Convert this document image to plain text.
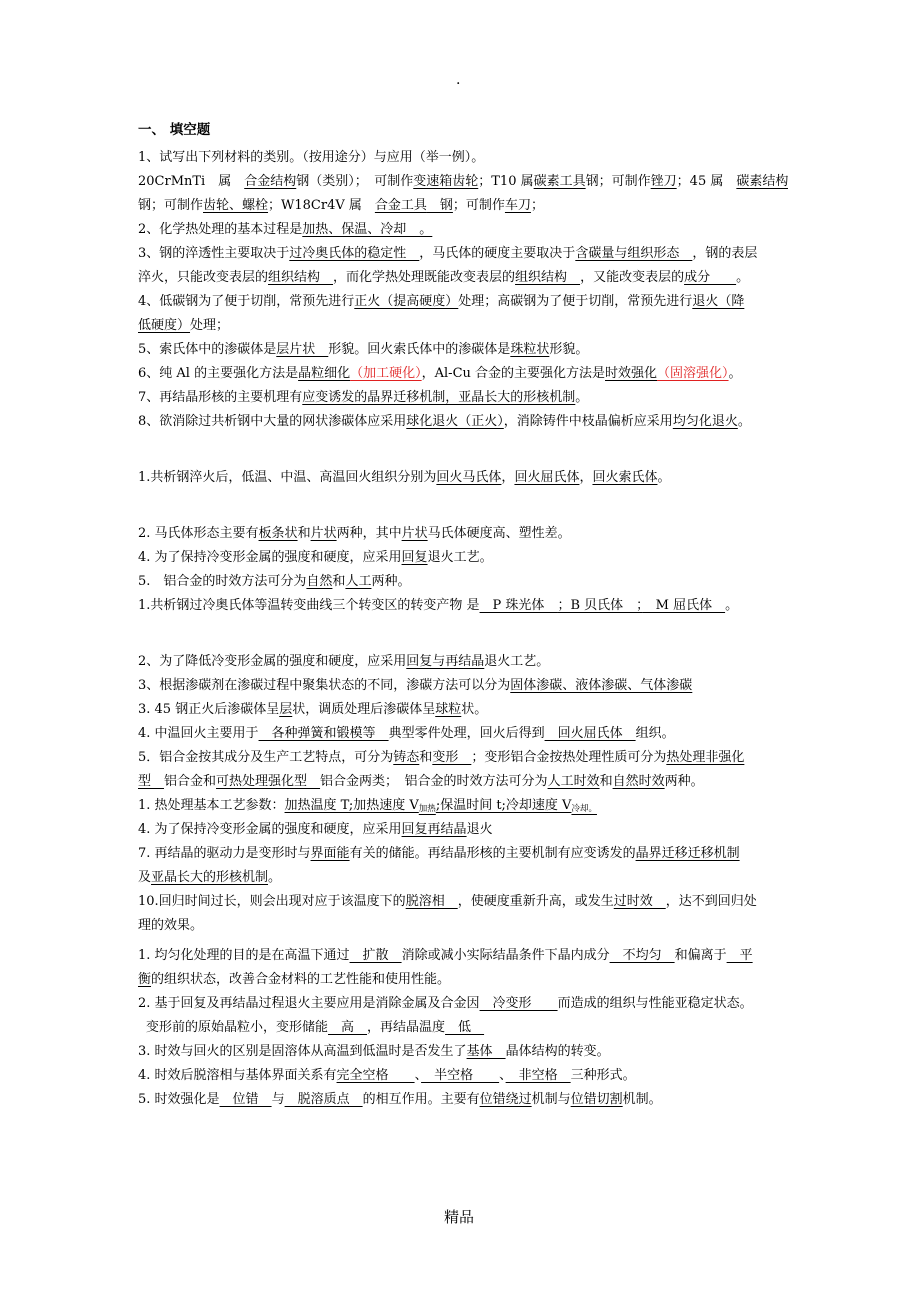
.
一、 填空题
1、试写出下列材料的类别。（按用途分）与应用（举一例）。
20CrMnTi　属　合金结构钢（类别）；　可制作变速箱齿轮；T10 属碳素工具钢；可制作锉刀；45 属　碳素结构
钢；可制作齿轮、螺栓；W18Cr4V 属　合金工具　钢；可制作车刀；
2、化学热处理的基本过程是加热、保温、冷却　。
3、钢的淬透性主要取决于过冷奥氏体的稳定性　，马氏体的硬度主要取决于含碳量与组织形态　，钢的表层
淬火，只能改变表层的组织结构　，而化学热处理既能改变表层的组织结构　，又能改变表层的成分　　。
4、低碳钢为了便于切削，常预先进行正火（提高硬度）处理；高碳钢为了便于切削，常预先进行退火（降
低硬度）处理；
5、索氏体中的渗碳体是层片状　形貌。回火索氏体中的渗碳体是珠粒状形貌。
6、纯 Al 的主要强化方法是晶粒细化（加工硬化），Al-Cu 合金的主要强化方法是时效强化（固溶强化）。
7、再结晶形核的主要机理有应变诱发的晶界迁移机制，亚晶长大的形核机制。
8、欲消除过共析钢中大量的网状渗碳体应采用球化退火（正火），消除铸件中枝晶偏析应采用均匀化退火。
1.共析钢淬火后，低温、中温、高温回火组织分别为回火马氏体，回火屈氏体，回火索氏体。
2. 马氏体形态主要有板条状和片状两种，其中片状马氏体硬度高、塑性差。
4. 为了保持冷变形金属的强度和硬度，应采用回复退火工艺。
5.　铝合金的时效方法可分为自然和人工两种。
1.共析钢过冷奥氏体等温转变曲线三个转变区的转变产物 是　P 珠光体　；B 贝氏体　；　M 屈氏体　。
2、为了降低冷变形金属的强度和硬度，应采用回复与再结晶退火工艺。
3、根据渗碳剂在渗碳过程中聚集状态的不同，渗碳方法可以分为固体渗碳、液体渗碳、气体渗碳
3. 45 钢正火后渗碳体呈层状，调质处理后渗碳体呈球粒状。
4. 中温回火主要用于　各种弹簧和锻模等　典型零件处理，回火后得到　回火屈氏体　组织。
5．铝合金按其成分及生产工艺特点，可分为铸态和变形　；变形铝合金按热处理性质可分为热处理非强化
型　铝合金和可热处理强化型　铝合金两类；　铝合金的时效方法可分为人工时效和自然时效两种。
1. 热处理基本工艺参数：加热温度 T;加热速度 $V_{加热}$;保温时间 t;冷却速度 $V_{冷却。}$
4. 为了保持冷变形金属的强度和硬度，应采用回复再结晶退火
7. 再结晶的驱动力是变形时与界面能有关的储能。再结晶形核的主要机制有应变诱发的晶界迁移迁移机制
及亚晶长大的形核机制。
10.回归时间过长，则会出现对应于该温度下的脱溶相　，使硬度重新升高，或发生过时效　，达不到回归处
理的效果。
1. 均匀化处理的目的是在高温下通过　扩散　消除或减小实际结晶条件下晶内成分　不均匀　和偏离于　平
衡的组织状态，改善合金材料的工艺性能和使用性能。
2. 基于回复及再结晶过程退火主要应用是消除金属及合金因　冷变形　　而造成的组织与性能亚稳定状态。
变形前的原始晶粒小，变形储能　高　，再结晶温度　低　
3. 时效与回火的区别是固溶体从高温到低温时是否发生了基体　晶体结构的转变。
4. 时效后脱溶相与基体界面关系有完全空格　　、　半空格　　、　非空格　三种形式。
5. 时效强化是　位错　与　脱溶质点　的相互作用。主要有位错绕过机制与位错切割机制。
精品
